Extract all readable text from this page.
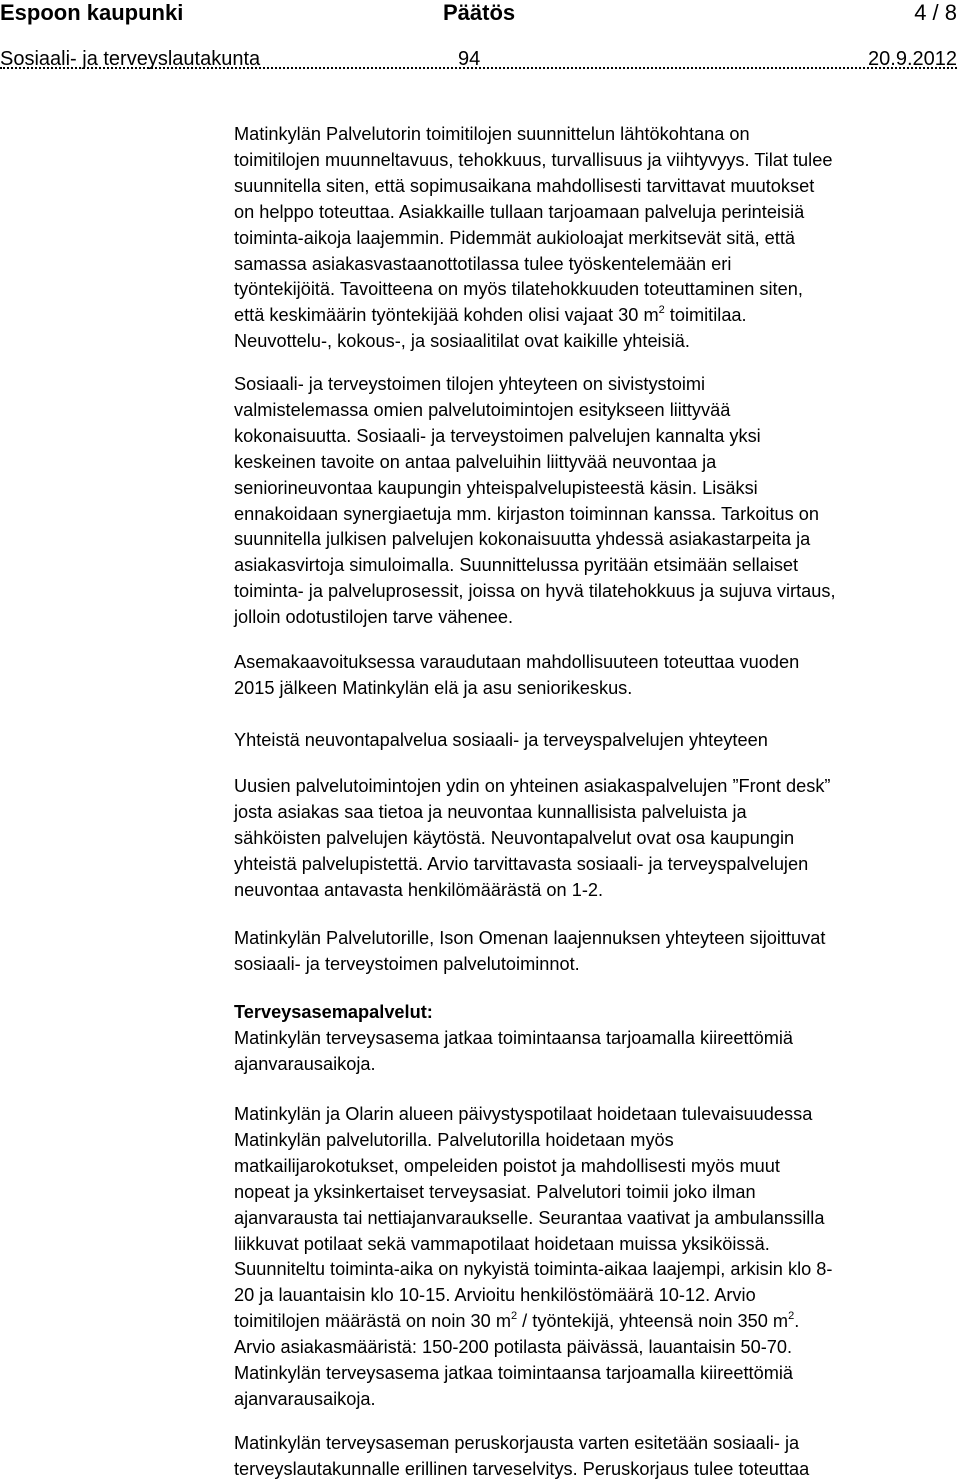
Espoon kaupunki	Päätös	4 / 8
Sosiaali- ja terveyslautakunta	94	20.9.2012

Matinkylän Palvelutorin toimitilojen suunnittelun lähtökohtana on
toimitilojen muunneltavuus, tehokkuus, turvallisuus ja viihtyvyys. Tilat tulee
suunnitella siten, että sopimusaikana mahdollisesti tarvittavat muutokset
on helppo toteuttaa. Asiakkaille tullaan tarjoamaan palveluja perinteisiä
toiminta-aikoja laajemmin. Pidemmät aukioloajat merkitsevät sitä, että
samassa asiakasvastaanottotilassa tulee työskentelemään eri
työntekijöitä. Tavoitteena on myös tilatehokkuuden toteuttaminen siten,
että keskimäärin työntekijää kohden olisi vajaat 30 $m^2$ toimitilaa.
Neuvottelu-, kokous-, ja sosiaalitilat ovat kaikille yhteisiä.

Sosiaali- ja terveystoimen tilojen yhteyteen on sivistystoimi
valmistelemassa omien palvelutoimintojen esitykseen liittyvää
kokonaisuutta. Sosiaali- ja terveystoimen palvelujen kannalta yksi
keskeinen tavoite on antaa palveluihin liittyvää neuvontaa ja
seniorineuvontaa kaupungin yhteispalvelupisteestä käsin. Lisäksi
ennakoidaan synergiaetuja mm. kirjaston toiminnan kanssa. Tarkoitus on
suunnitella julkisen palvelujen kokonaisuutta yhdessä asiakastarpeita ja
asiakasvirtoja simuloimalla. Suunnittelussa pyritään etsimään sellaiset
toiminta- ja palveluprosessit, joissa on hyvä tilatehokkuus ja sujuva virtaus,
jolloin odotustilojen tarve vähenee.

Asemakaavoituksessa varaudutaan mahdollisuuteen toteuttaa vuoden
2015 jälkeen Matinkylän elä ja asu seniorikeskus.

Yhteistä neuvontapalvelua sosiaali- ja terveyspalvelujen yhteyteen

Uusien palvelutoimintojen ydin on yhteinen asiakaspalvelujen ”Front desk”
josta asiakas saa tietoa ja neuvontaa kunnallisista palveluista ja
sähköisten palvelujen käytöstä. Neuvontapalvelut ovat osa kaupungin
yhteistä palvelupistettä. Arvio tarvittavasta sosiaali- ja terveyspalvelujen
neuvontaa antavasta henkilömäärästä on 1-2.

Matinkylän Palvelutorille, Ison Omenan laajennuksen yhteyteen sijoittuvat
sosiaali- ja terveystoimen palvelutoiminnot.

Terveysasemapalvelut:
Matinkylän terveysasema jatkaa toimintaansa tarjoamalla kiireettömiä
ajanvarausaikoja.

Matinkylän ja Olarin alueen päivystyspotilaat hoidetaan tulevaisuudessa
Matinkylän palvelutorilla. Palvelutorilla hoidetaan myös
matkailijarokotukset, ompeleiden poistot ja mahdollisesti myös muut
nopeat ja yksinkertaiset terveysasiat. Palvelutori toimii joko ilman
ajanvarausta tai nettiajanvaraukselle. Seurantaa vaativat ja ambulanssilla
liikkuvat potilaat sekä vammapotilaat hoidetaan muissa yksiköissä.
Suunniteltu toiminta-aika on nykyistä toiminta-aikaa laajempi, arkisin klo 8-
20 ja lauantaisin klo 10-15. Arvioitu henkilöstömäärä 10-12. Arvio
toimitilojen määrästä on noin 30 $m^2$ / työntekijä, yhteensä noin 350 $m^2$.
Arvio asiakasmääristä: 150-200 potilasta päivässä, lauantaisin 50-70.
Matinkylän terveysasema jatkaa toimintaansa tarjoamalla kiireettömiä
ajanvarausaikoja.

Matinkylän terveysaseman peruskorjausta varten esitetään sosiaali- ja
terveyslautakunnalle erillinen tarveselvitys. Peruskorjaus tulee toteuttaa
